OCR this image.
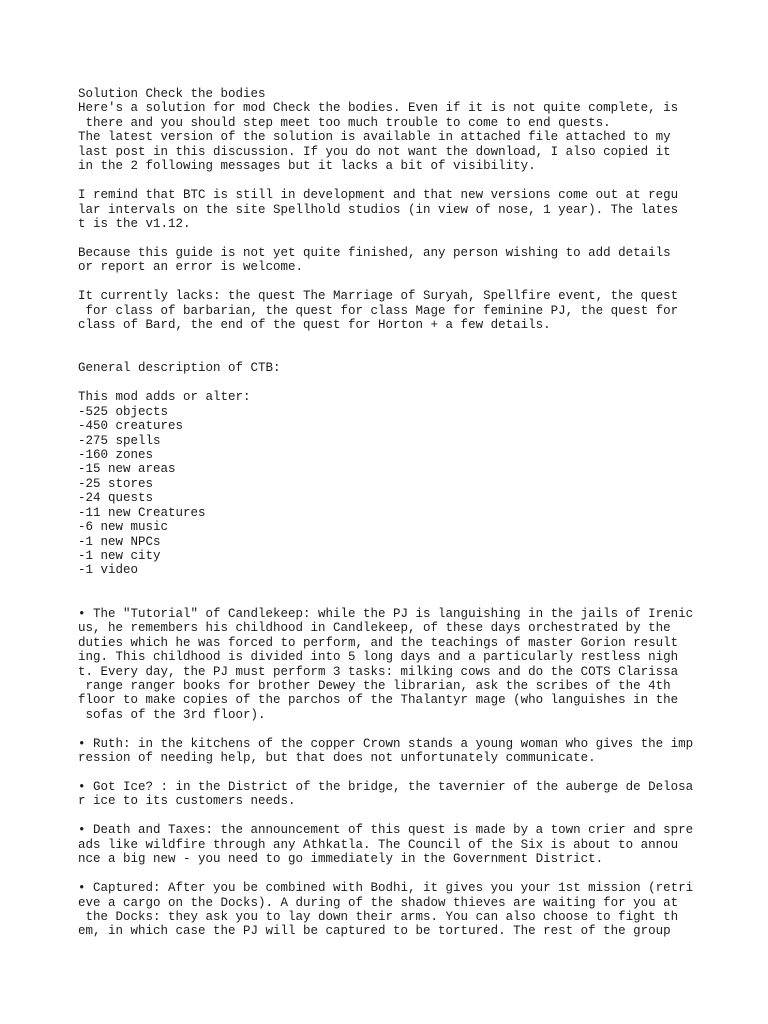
Solution Check the bodies
Here's a solution for mod Check the bodies. Even if it is not quite complete, is
there and you should step meet too much trouble to come to end quests.
The latest version of the solution is available in attached file attached to my
last post in this discussion. If you do not want the download, I also copied it
in the 2 following messages but it lacks a bit of visibility.
I remind that BTC is still in development and that new versions come out at regu
lar intervals on the site Spellhold studios (in view of nose, 1 year). The lates
t is the v1.12.
Because this guide is not yet quite finished, any person wishing to add details
or report an error is welcome.
It currently lacks: the quest The Marriage of Suryah, Spellfire event, the quest
for class of barbarian, the quest for class Mage for feminine PJ, the quest for
class of Bard, the end of the quest for Horton + a few details.
General description of CTB:
This mod adds or alter:
-525 objects
-450 creatures
-275 spells
-160 zones
-15 new areas
-25 stores
-24 quests
-11 new Creatures
-6 new music
-1 new NPCs
-1 new city
-1 video
• The "Tutorial" of Candlekeep: while the PJ is languishing in the jails of Irenic
us, he remembers his childhood in Candlekeep, of these days orchestrated by the
duties which he was forced to perform, and the teachings of master Gorion result
ing. This childhood is divided into 5 long days and a particularly restless nigh
t. Every day, the PJ must perform 3 tasks: milking cows and do the COTS Clarissa
range ranger books for brother Dewey the librarian, ask the scribes of the 4th
floor to make copies of the parchos of the Thalantyr mage (who languishes in the
sofas of the 3rd floor).
• Ruth: in the kitchens of the copper Crown stands a young woman who gives the imp
ression of needing help, but that does not unfortunately communicate.
• Got Ice? : in the District of the bridge, the tavernier of the auberge de Delosa
r ice to its customers needs.
• Death and Taxes: the announcement of this quest is made by a town crier and spre
ads like wildfire through any Athkatla. The Council of the Six is about to annou
nce a big new - you need to go immediately in the Government District.
• Captured: After you be combined with Bodhi, it gives you your 1st mission (retri
eve a cargo on the Docks). A during of the shadow thieves are waiting for you at
the Docks: they ask you to lay down their arms. You can also choose to fight th
em, in which case the PJ will be captured to be tortured. The rest of the group
